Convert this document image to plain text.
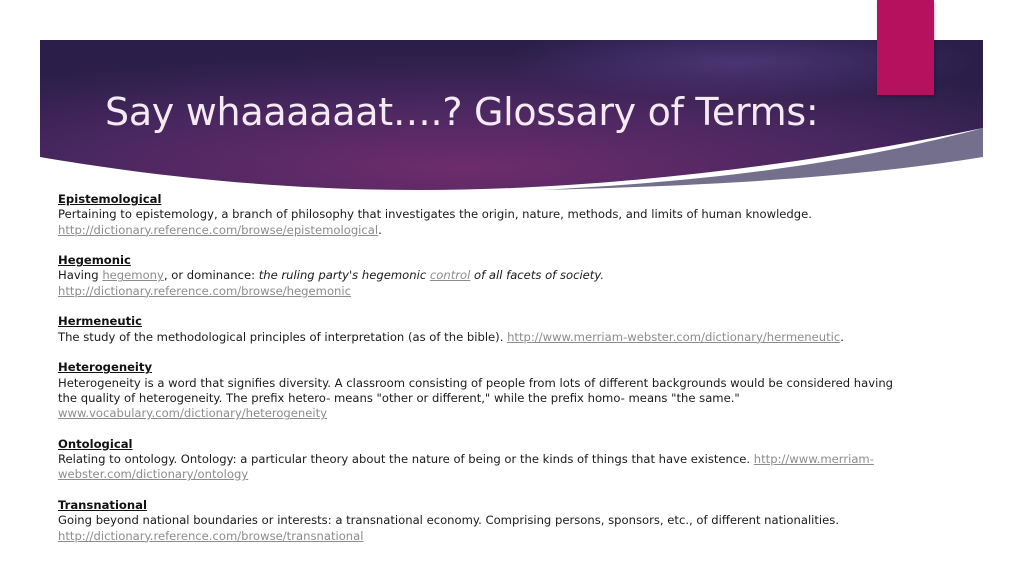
Say whaaaaaat….? Glossary of Terms:
Epistemological
Pertaining to epistemology, a branch of philosophy that investigates the origin, nature, methods, and limits of human knowledge.
http://dictionary.reference.com/browse/epistemological.
Hegemonic
Having hegemony, or dominance: the ruling party's hegemonic control of all facets of society.
http://dictionary.reference.com/browse/hegemonic
Hermeneutic
The study of the methodological principles of interpretation (as of the bible). http://www.merriam-webster.com/dictionary/hermeneutic.
Heterogeneity
Heterogeneity is a word that signifies diversity. A classroom consisting of people from lots of different backgrounds would be considered having
the quality of heterogeneity. The prefix hetero- means "other or different," while the prefix homo- means "the same."
www.vocabulary.com/dictionary/heterogeneity
Ontological
Relating to ontology. Ontology: a particular theory about the nature of being or the kinds of things that have existence. http://www.merriam-
webster.com/dictionary/ontology
Transnational
Going beyond national boundaries or interests: a transnational economy. Comprising persons, sponsors, etc., of different nationalities.
http://dictionary.reference.com/browse/transnational
